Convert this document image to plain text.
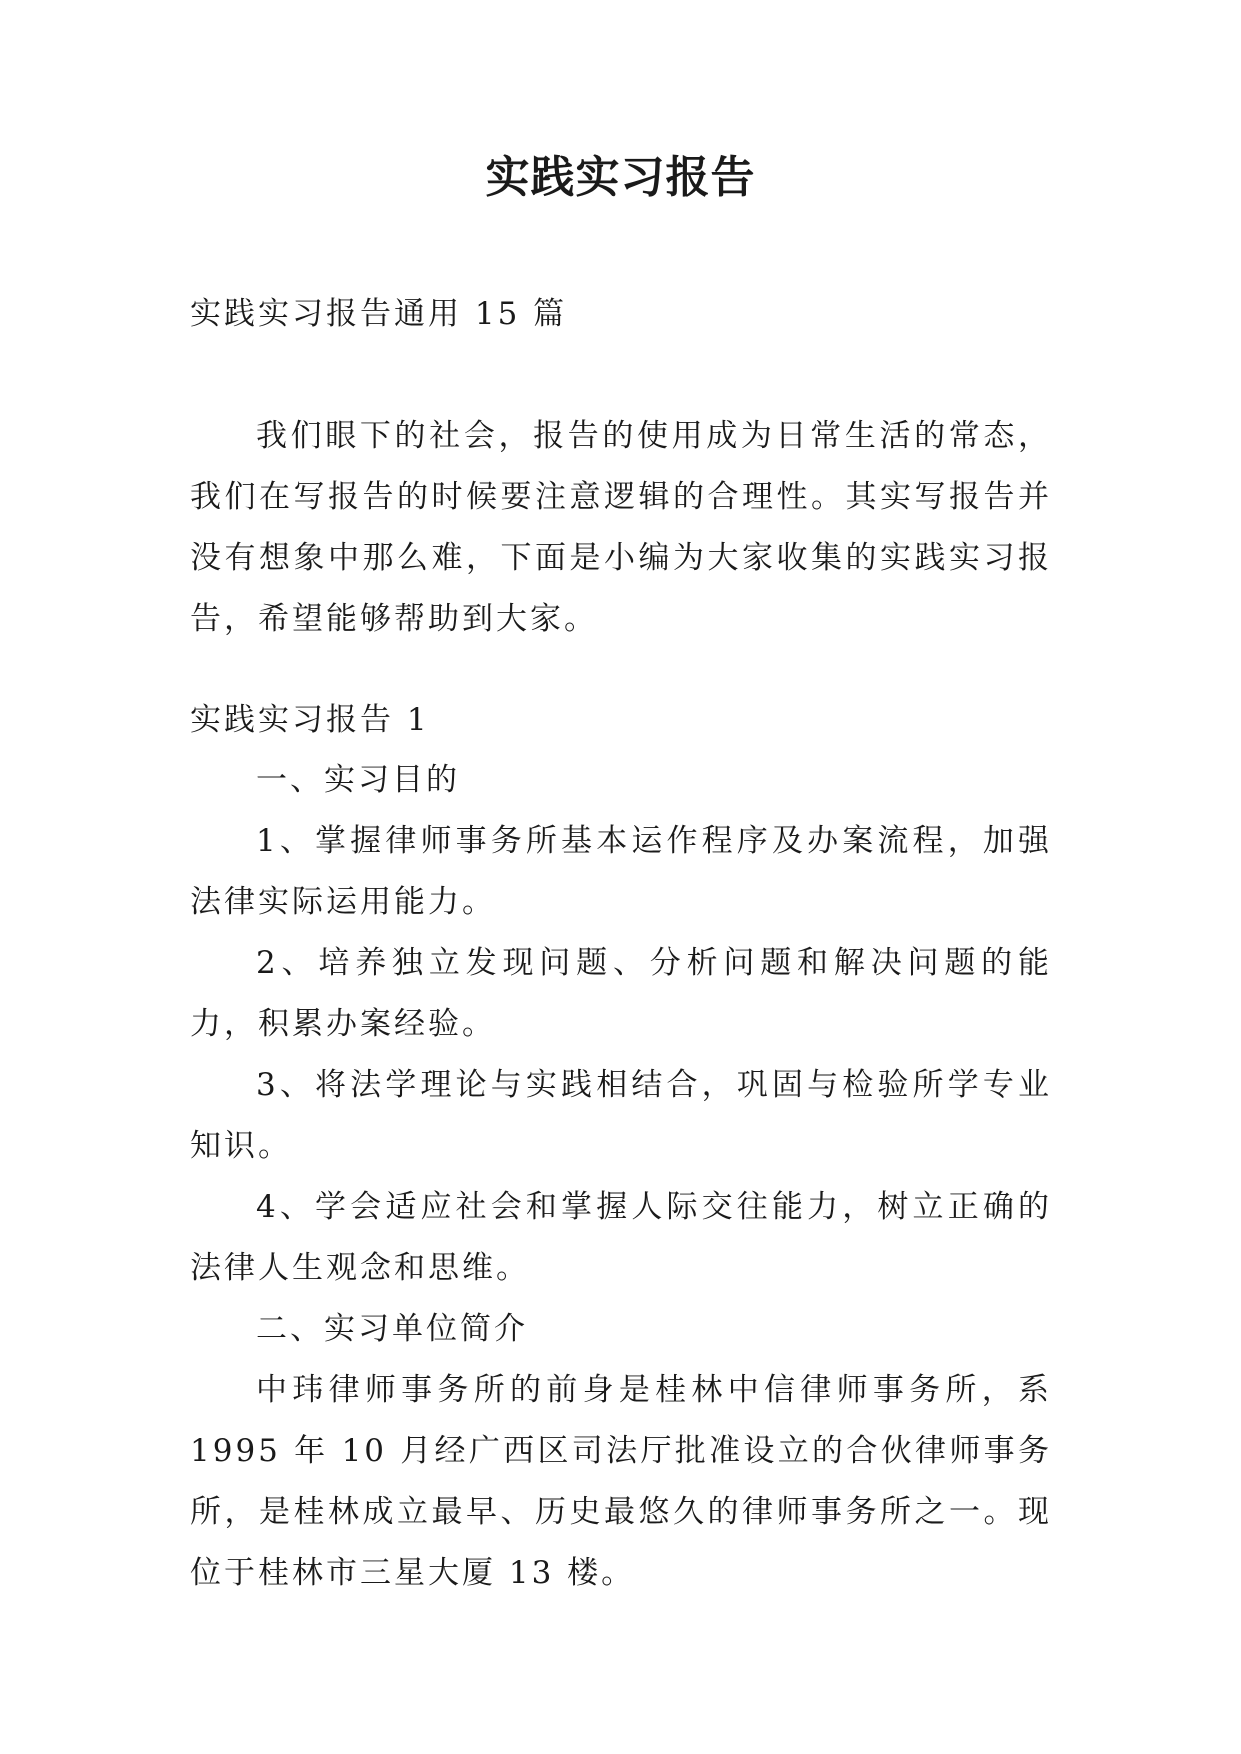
实践实习报告

实践实习报告通用 15 篇

我们眼下的社会，报告的使用成为日常生活的常态，我们在写报告的时候要注意逻辑的合理性。其实写报告并没有想象中那么难，下面是小编为大家收集的实践实习报告，希望能够帮助到大家。

实践实习报告 1

一、实习目的

1、掌握律师事务所基本运作程序及办案流程，加强法律实际运用能力。

2、培养独立发现问题、分析问题和解决问题的能力，积累办案经验。

3、将法学理论与实践相结合，巩固与检验所学专业知识。

4、学会适应社会和掌握人际交往能力，树立正确的法律人生观念和思维。

二、实习单位简介

中玮律师事务所的前身是桂林中信律师事务所，系 1995 年 10 月经广西区司法厅批准设立的合伙律师事务所，是桂林成立最早、历史最悠久的律师事务所之一。现位于桂林市三星大厦 13 楼。
